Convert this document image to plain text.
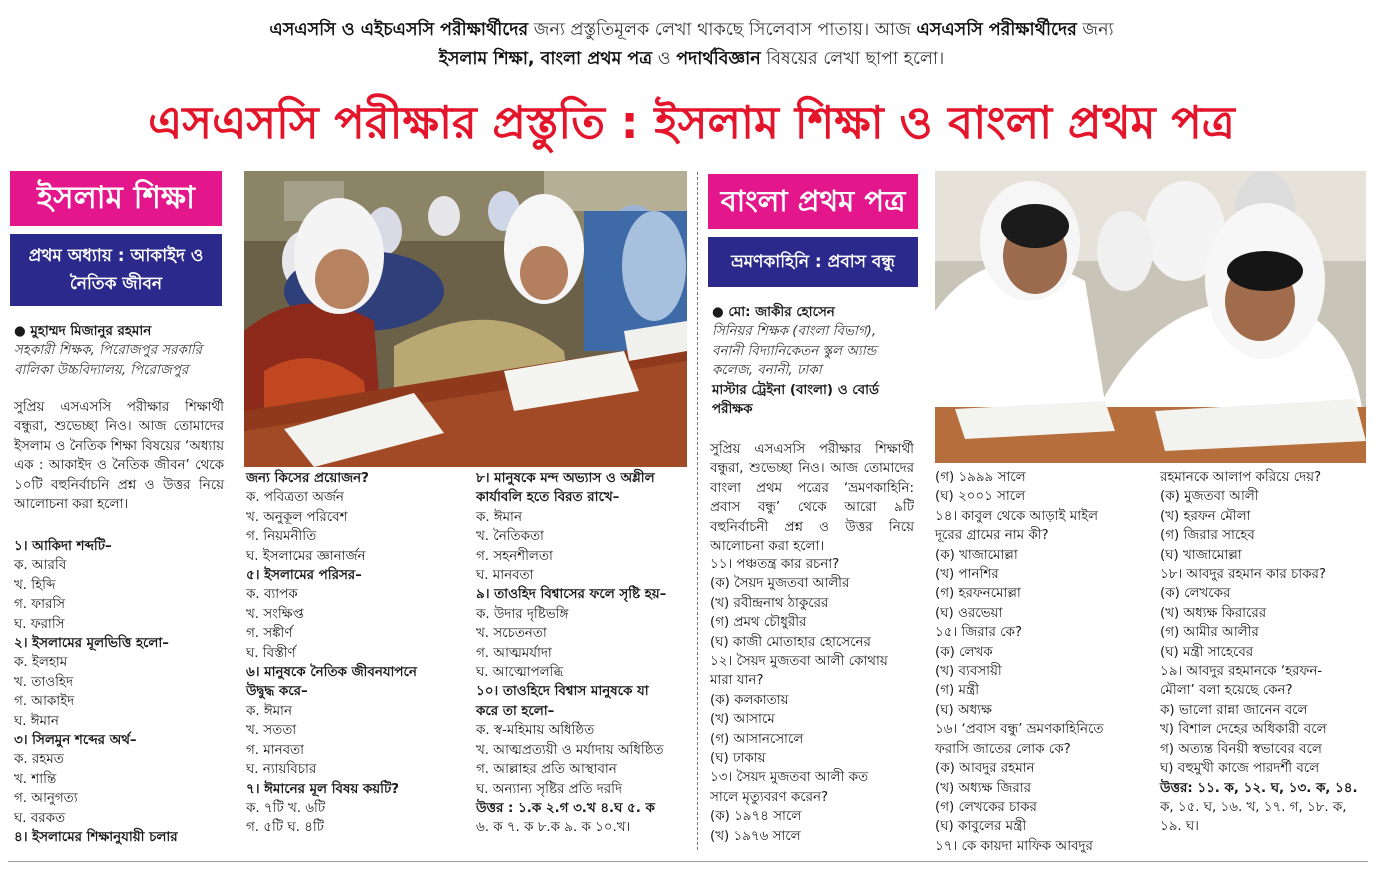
এসএসসি ও এইচএসসি পরীক্ষার্থীদের জন্য প্রস্তুতিমূলক লেখা থাকছে সিলেবাস পাতায়। আজ এসএসসি পরীক্ষার্থীদের জন্য
ইসলাম শিক্ষা, বাংলা প্রথম পত্র ও পদার্থবিজ্ঞান বিষয়ের লেখা ছাপা হলো।
এসএসসি পরীক্ষার প্রস্তুতি : ইসলাম শিক্ষা ও বাংলা প্রথম পত্র
ইসলাম শিক্ষা
প্রথম অধ্যায় : আকাইদ ও
নৈতিক জীবন

● মুহাম্মদ মিজানুর রহমান

সহকারী শিক্ষক, পিরোজপুর সরকারি

বালিকা উচ্চবিদ্যালয়, পিরোজপুর

সুপ্রিয় এসএসসি পরীক্ষার শিক্ষার্থী বন্ধুরা, শুভেচ্ছা নিও। আজ তোমাদের ইসলাম ও নৈতিক শিক্ষা বিষয়ের ‘অধ্যায় এক : আকাইদ ও নৈতিক জীবন’ থেকে ১০টি বহুনির্বাচনি প্রশ্ন ও উত্তর নিয়ে আলোচনা করা হলো।

১। আকিদা শব্দটি–

ক. আরবি

খ. হিব্দি

গ. ফারসি

ঘ. ফরাসি

২। ইসলামের মূলভিত্তি হলো–

ক. ইলহাম

খ. তাওহিদ

গ. আকাইদ

ঘ. ঈমান

৩। সিলমুন শব্দের অর্থ–

ক. রহমত

খ. শান্তি

গ. আনুগত্য

ঘ. বরকত

৪। ইসলামের শিক্ষানুযায়ী চলার

জন্য কিসের প্রয়োজন?

ক. পবিত্রতা অর্জন

খ. অনুকূল পরিবেশ

গ. নিয়মনীতি

ঘ. ইসলামের জ্ঞানার্জন

৫। ইসলামের পরিসর–

ক. ব্যাপক

খ. সংক্ষিপ্ত

গ. সঙ্কীর্ণ

ঘ. বিস্তীর্ণ

৬। মানুষকে নৈতিক জীবনযাপনে

উদ্বুদ্ধ করে–

ক. ঈমান

খ. সততা

গ. মানবতা

ঘ. ন্যায়বিচার

৭। ঈমানের মূল বিষয় কয়টি?

ক. ৭টি খ. ৬টি

গ. ৫টি ঘ. ৪টি

৮। মানুষকে মন্দ অভ্যাস ও অশ্লীল

কার্যাবলি হতে বিরত রাখে–

ক. ঈমান

খ. নৈতিকতা

গ. সহনশীলতা

ঘ. মানবতা

৯। তাওহিদ বিশ্বাসের ফলে সৃষ্টি হয়–

ক. উদার দৃষ্টিভঙ্গি

খ. সচেতনতা

গ. আত্মমর্যাদা

ঘ. আত্মোপলব্ধি

১০। তাওহিদে বিশ্বাস মানুষকে যা

করে তা হলো–

ক. স্ব-মহিমায় অধিষ্ঠিত

খ. আত্মপ্রত্যয়ী ও মর্যাদায় অধিষ্ঠিত

গ. আল্লাহর প্রতি আস্থাবান

ঘ. অন্যান্য সৃষ্টির প্রতি দরদি

উত্তর : ১.ক ২.গ ৩.খ ৪.ঘ ৫. ক

৬. ক ৭. ক ৮.ক ৯. ক ১০.খ।

বাংলা প্রথম পত্র
ভ্রমণকাহিনি : প্রবাস বন্ধু

● মো: জাকীর হোসেন

সিনিয়র শিক্ষক (বাংলা বিভাগ),

বনানী বিদ্যানিকেতন স্কুল অ্যান্ড

কলেজ, বনানী, ঢাকা

মাস্টার ট্রেইনা (বাংলা) ও বোর্ড

পরীক্ষক

সুপ্রিয় এসএসসি পরীক্ষার শিক্ষার্থী বন্ধুরা, শুভেচ্ছা নিও। আজ তোমাদের বাংলা প্রথম পত্রের ‘ভ্রমণকাহিনি: প্রবাস বন্ধু’ থেকে আরো ৯টি বহুনির্বাচনী প্রশ্ন ও উত্তর নিয়ে আলোচনা করা হলো।

১১। পঞ্চতন্ত্র কার রচনা?

(ক) সৈয়দ মুজতবা আলীর

(খ) রবীন্দ্রনাথ ঠাকুরের

(গ) প্রমথ চৌধুরীর

(ঘ) কাজী মোতাহার হোসেনের

১২। সৈয়দ মুজতবা আলী কোথায়

মারা যান?

(ক) কলকাতায়

(খ) আসামে

(গ) আসানসোলে

(ঘ) ঢাকায়

১৩। সৈয়দ মুজতবা আলী কত

সালে মৃত্যুবরণ করেন?

(ক) ১৯৭৪ সালে

(খ) ১৯৭৬ সালে

(গ) ১৯৯৯ সালে

(ঘ) ২০০১ সালে

১৪। কাবুল থেকে আড়াই মাইল

দূরের গ্রামের নাম কী?

(ক) খাজামোল্লা

(খ) পানশির

(গ) হরফনমোল্লা

(ঘ) ওরভেয়া

১৫। জিরার কে?

(ক) লেখক

(খ) ব্যবসায়ী

(গ) মন্ত্রী

(ঘ) অধ্যক্ষ

১৬। ‘প্রবাস বন্ধু’ ভ্রমণকাহিনিতে

ফরাসি জাতের লোক কে?

(ক) আবদুর রহমান

(খ) অধ্যক্ষ জিরার

(গ) লেখকের চাকর

(ঘ) কাবুলের মন্ত্রী

১৭। কে কায়দা মাফিক আবদুর

রহমানকে আলাপ করিয়ে দেয়?

(ক) মুজতবা আলী

(খ) হরফন মৌলা

(গ) জিরার সাহেব

(ঘ) খাজামোল্লা

১৮। আবদুর রহমান কার চাকর?

(ক) লেখকের

(খ) অধ্যক্ষ কিরারের

(গ) আমীর আলীর

(ঘ) মন্ত্রী সাহেবের

১৯। আবদুর রহমানকে ‘হরফন-

মৌলা’ বলা হয়েছে কেন?

ক) ভালো রান্না জানেন বলে

খ) বিশাল দেহের অধিকারী বলে

গ) অত্যন্ত বিনয়ী স্বভাবের বলে

ঘ) বহুমুখী কাজে পারদর্শী বলে

উত্তর: ১১. ক, ১২. ঘ, ১৩. ক, ১৪.

ক, ১৫. ঘ, ১৬. খ, ১৭. গ, ১৮. ক,

১৯. ঘ।
